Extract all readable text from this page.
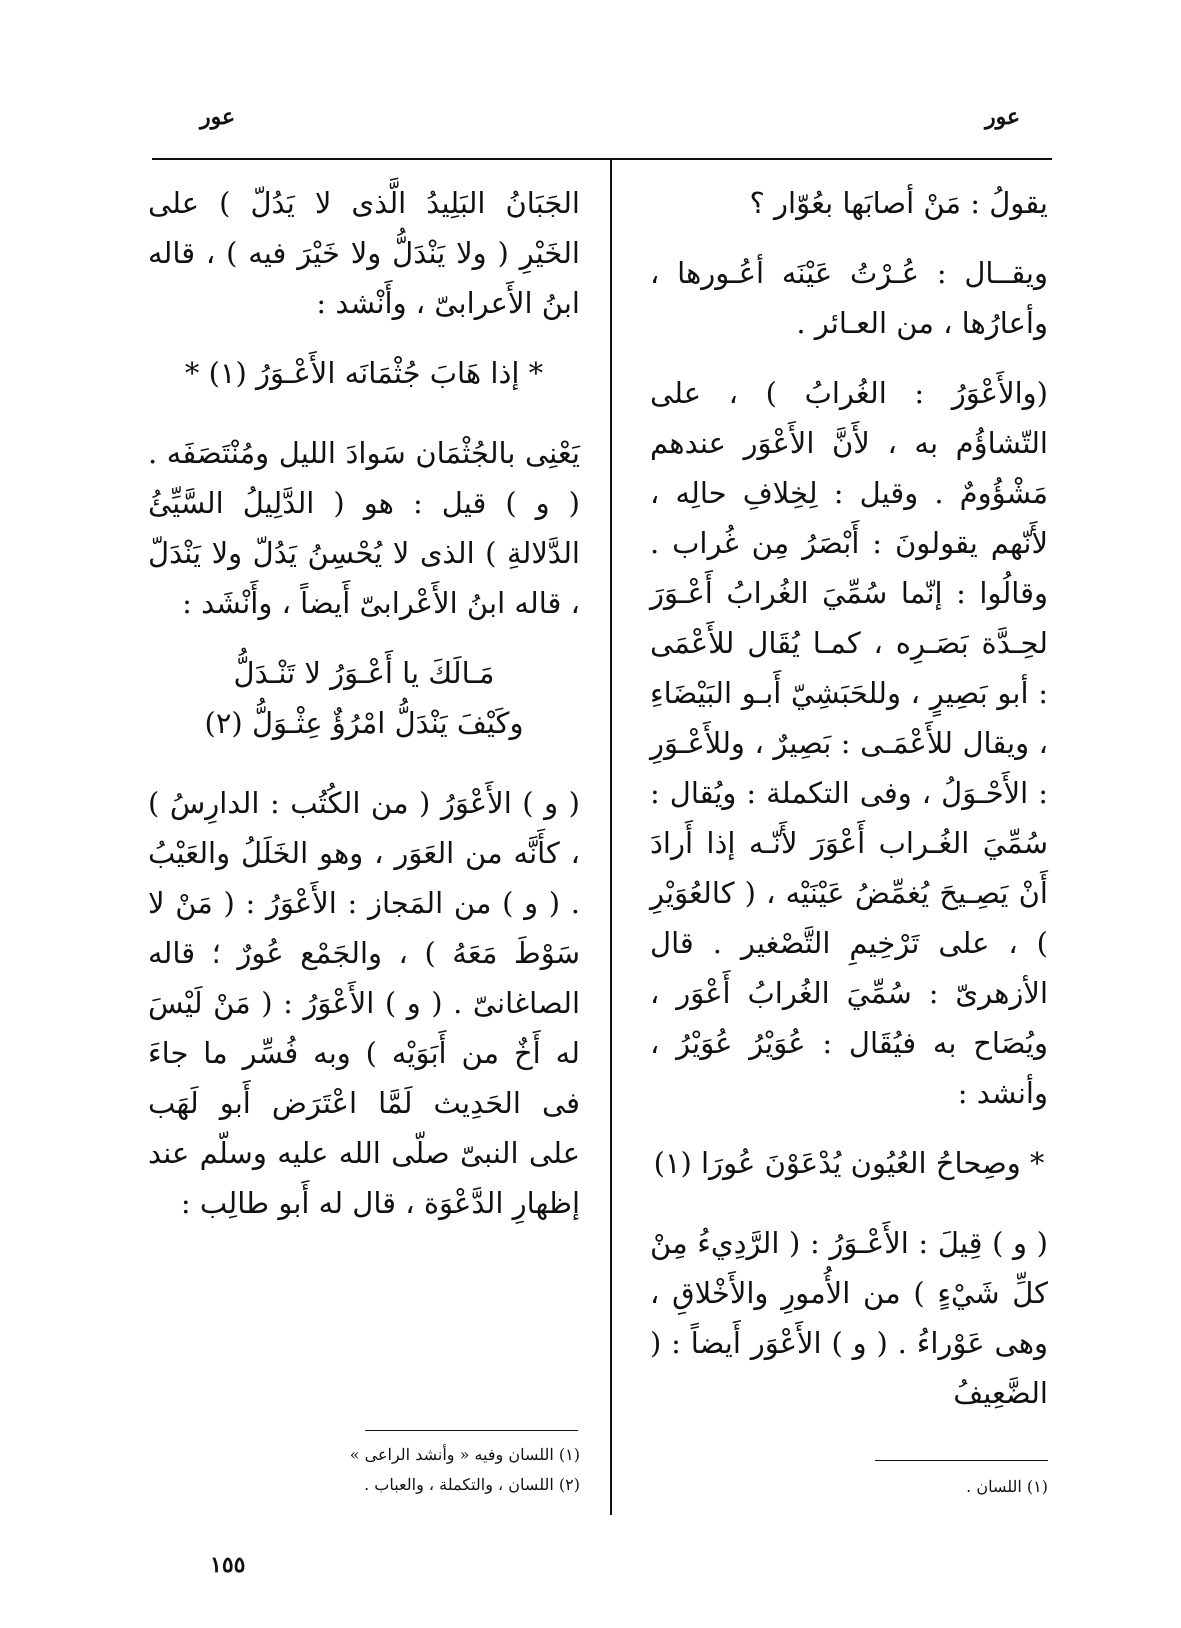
عور	عور

يقولُ : مَنْ أصابَها بعُوّار ؟

ويقــال : عُـرْتُ عَيْنَه أعُـورها ، وأعارُها ، من العـائر .

(والأَعْوَرُ : الغُرابُ ) ، على التّشاؤُم به ، لأَنَّ الأَعْوَر عندهم مَشْؤُومٌ . وقيل : لِخِلافِ حالِه ، لأَنّهم يقولونَ : أَبْصَرُ مِن غُراب . وقالُوا : إنّما سُمِّيَ الغُرابُ أَعْـوَرَ لحِـدَّة بَصَـرِه ، كمـا يُقَال للأَعْمَى : أبو بَصِيرٍ ، وللحَبَشِيّ أَبـو البَيْضَاءِ ، ويقال للأَعْمَـى : بَصِيرٌ ، وللأَعْـوَرِ : الأَحْـوَلُ ، وفى التكملة : ويُقال : سُمِّيَ الغُـراب أَعْوَرَ لأَنّـه إذا أَرادَ أَنْ يَصِـيحَ يُغمِّضُ عَيْنَيْه ، ( كالعُوَيْرِ ) ، على تَرْخِيمِ التَّصْغير . قال الأزهرىّ : سُمِّيَ الغُرابُ أَعْوَر ، ويُصَاح به فيُقَال : عُوَيْرُ عُوَيْرُ ، وأنشد :

* وصِحاحُ العُيُون يُدْعَوْنَ عُورَا (١)

( و ) قِيلَ : الأَعْـوَرُ : ( الرَّدِيءُ مِنْ كلِّ شَيْءٍ ) من الأُمورِ والأَخْلاقِ ، وهى عَوْراءُ . ( و ) الأَعْوَر أَيضاً : ( الضَّعِيفُ

الجَبَانُ البَلِيدُ الَّذى لا يَدُلّ ) على الخَيْرِ ( ولا يَنْدَلُّ ولا خَيْرَ فيه ) ، قاله ابنُ الأَعرابىّ ، وأَنْشد :

* إذا هَابَ جُثْمَانَه الأَعْـوَرُ (١) *

يَعْنِى بالجُثْمَان سَوادَ الليل ومُنْتَصَفَه . ( و ) قيل : هو ( الدَّلِيلُ السَّيِّئُ الدَّلالةِ ) الذى لا يُحْسِنُ يَدُلّ ولا يَنْدَلّ ، قاله ابنُ الأَعْرابىّ أَيضاً ، وأَنْشَد :

مَـالَكَ يا أَعْـوَرُ لا تَنْـدَلُّ
وكَيْفَ يَنْدَلُّ امْرُؤٌ عِثْـوَلُّ (٢)

( و ) الأَعْوَرُ ( من الكُتُب : الدارِسُ ) ، كأَنَّه من العَوَر ، وهو الخَلَلُ والعَيْبُ . ( و ) من المَجاز : الأَعْوَرُ : ( مَنْ لا سَوْطَ مَعَهُ ) ، والجَمْع عُورٌ ؛ قاله الصاغانىّ . ( و ) الأَعْوَرُ : ( مَنْ لَيْسَ له أَخٌ من أَبَوَيْه ) وبه فُسِّر ما جاءَ فى الحَدِيث لَمَّا اعْتَرَض أَبو لَهَب على النبىّ صلّى الله عليه وسلّم عند إظهارِ الدَّعْوَة ، قال له أَبو طالِب :

(١) اللسان وفيه « وأنشد الراعى »
(٢) اللسان ، والتكملة ، والعباب .	(١) اللسان .
١٥٥
